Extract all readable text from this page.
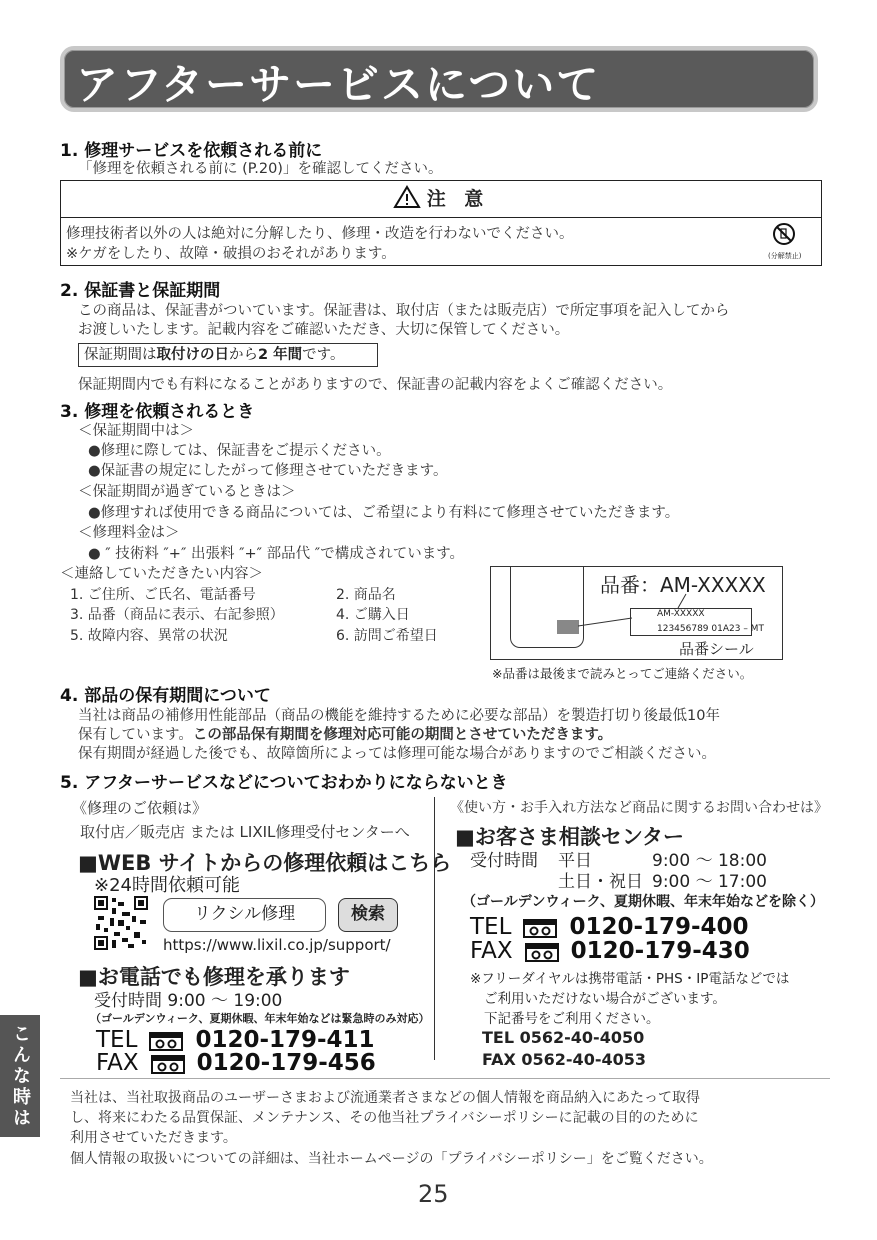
アフターサービスについて
1. 修理サービスを依頼される前に
「修理を依頼される前に (P.20)」を確認してください。
注 意
修理技術者以外の人は絶対に分解したり、修理・改造を行わないでください。
※ケガをしたり、故障・破損のおそれがあります。	(分解禁止)
2. 保証書と保証期間
この商品は、保証書がついています。保証書は、取付店（または販売店）で所定事項を記入してから
お渡しいたします。記載内容をご確認いただき、大切に保管してください。
保証期間は取付けの日から2 年間です。
保証期間内でも有料になることがありますので、保証書の記載内容をよくご確認ください。
3. 修理を依頼されるとき
＜保証期間中は＞
●修理に際しては、保証書をご提示ください。
●保証書の規定にしたがって修理させていただきます。
＜保証期間が過ぎているときは＞
●修理すれば使用できる商品については、ご希望により有料にて修理させていただきます。
＜修理料金は＞
● ″ 技術料 ″+″ 出張料 ″+″ 部品代 ″で構成されています。
＜連絡していただきたい内容＞
1. ご住所、ご氏名、電話番号	2. 商品名
3. 品番（商品に表示、右記参照）	4. ご購入日
5. 故障内容、異常の状況	6. 訪問ご希望日
品番：AM-XXXXX
AM-XXXXX
123456789 01A23 – MT
品番シール
※品番は最後まで読みとってご連絡ください。
4. 部品の保有期間について
当社は商品の補修用性能部品（商品の機能を維持するために必要な部品）を製造打切り後最低10年
保有しています。この部品保有期間を修理対応可能の期間とさせていただきます。
保有期間が経過した後でも、故障箇所によっては修理可能な場合がありますのでご相談ください。
5. アフターサービスなどについておわかりにならないとき
《修理のご依頼は》
取付店／販売店 または LIXIL修理受付センターへ
■WEB サイトからの修理依頼はこちら
※24時間依頼可能
リクシル修理	検索
https://www.lixil.co.jp/support/
■お電話でも修理を承ります
受付時間 9:00 ～ 19:00
（ゴールデンウィーク、夏期休暇、年末年始などは緊急時のみ対応）
TEL	0120-179-411
FAX	0120-179-456
《使い方・お手入れ方法など商品に関するお問い合わせは》
■お客さま相談センター
受付時間 平日	9:00 ～ 18:00
土日・祝日 9:00 ～ 17:00
（ゴールデンウィーク、夏期休暇、年末年始などを除く）
TEL	0120-179-400
FAX	0120-179-430
※フリーダイヤルは携帯電話・PHS・IP電話などでは
ご利用いただけない場合がございます。
下記番号をご利用ください。
TEL 0562-40-4050
FAX 0562-40-4053
当社は、当社取扱商品のユーザーさまおよび流通業者さまなどの個人情報を商品納入にあたって取得
し、将来にわたる品質保証、メンテナンス、その他当社プライバシーポリシーに記載の目的のために
利用させていただきます。
個人情報の取扱いについての詳細は、当社ホームページの「プライバシーポリシー」をご覧ください。
こんな時は
25
